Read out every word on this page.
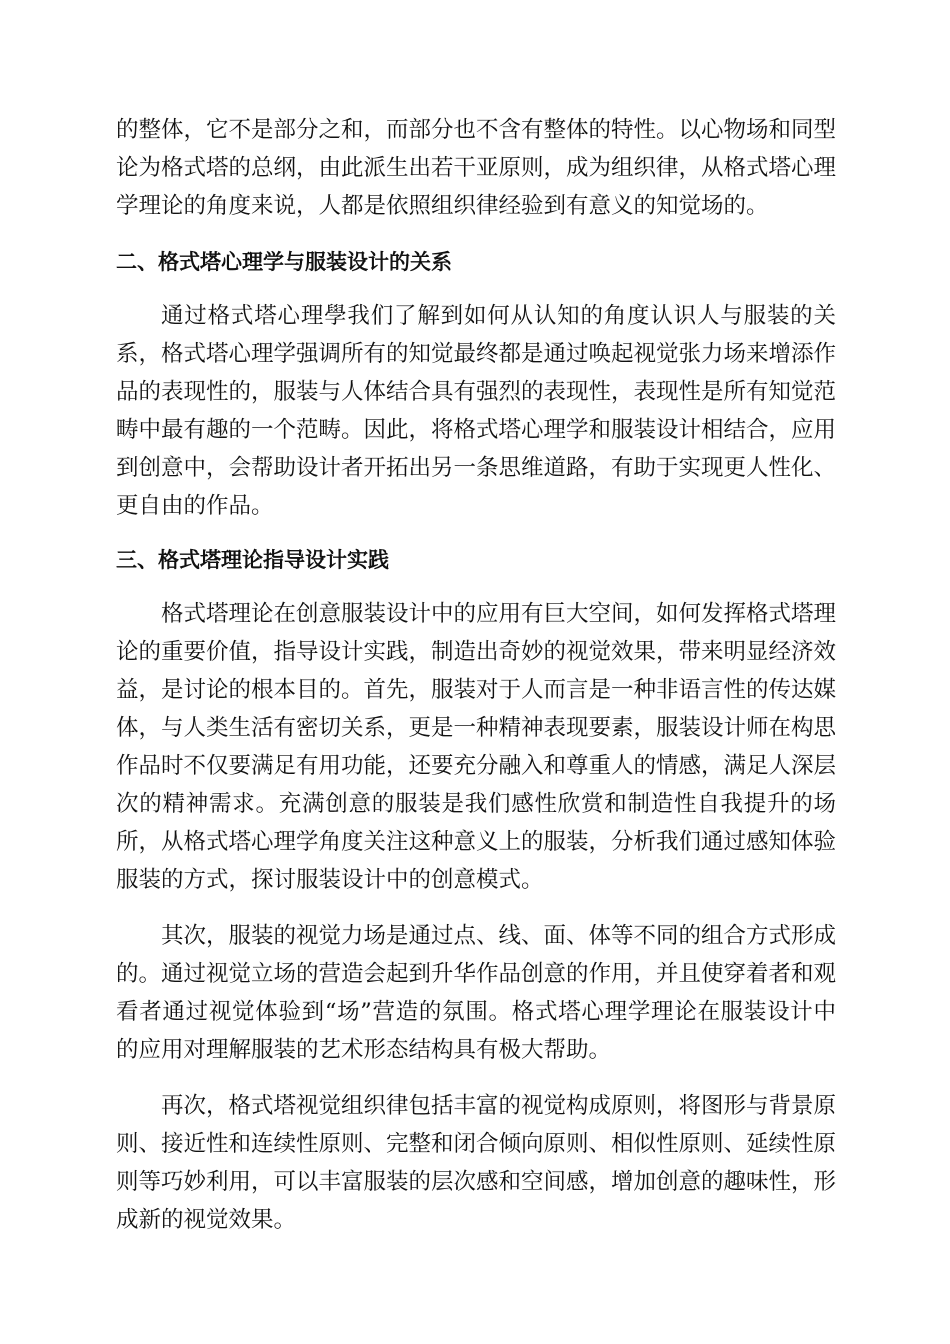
的整体，它不是部分之和，而部分也不含有整体的特性。以心物场和同型
论为格式塔的总纲，由此派生出若干亚原则，成为组织律，从格式塔心理
学理论的角度来说，人都是依照组织律经验到有意义的知觉场的。
二、格式塔心理学与服装设计的关系
通过格式塔心理學我们了解到如何从认知的角度认识人与服装的关
系，格式塔心理学强调所有的知觉最终都是通过唤起视觉张力场来增添作
品的表现性的，服装与人体结合具有强烈的表现性，表现性是所有知觉范
畴中最有趣的一个范畴。因此，将格式塔心理学和服装设计相结合，应用
到创意中，会帮助设计者开拓出另一条思维道路，有助于实现更人性化、
更自由的作品。
三、格式塔理论指导设计实践
格式塔理论在创意服装设计中的应用有巨大空间，如何发挥格式塔理
论的重要价值，指导设计实践，制造出奇妙的视觉效果，带来明显经济效
益，是讨论的根本目的。首先，服装对于人而言是一种非语言性的传达媒
体，与人类生活有密切关系，更是一种精神表现要素，服装设计师在构思
作品时不仅要满足有用功能，还要充分融入和尊重人的情感，满足人深层
次的精神需求。充满创意的服装是我们感性欣赏和制造性自我提升的场
所，从格式塔心理学角度关注这种意义上的服装，分析我们通过感知体验
服装的方式，探讨服装设计中的创意模式。
其次，服装的视觉力场是通过点、线、面、体等不同的组合方式形成
的。通过视觉立场的营造会起到升华作品创意的作用，并且使穿着者和观
看者通过视觉体验到“场”营造的氛围。格式塔心理学理论在服装设计中
的应用对理解服装的艺术形态结构具有极大帮助。
再次，格式塔视觉组织律包括丰富的视觉构成原则，将图形与背景原
则、接近性和连续性原则、完整和闭合倾向原则、相似性原则、延续性原
则等巧妙利用，可以丰富服装的层次感和空间感，增加创意的趣味性，形
成新的视觉效果。
